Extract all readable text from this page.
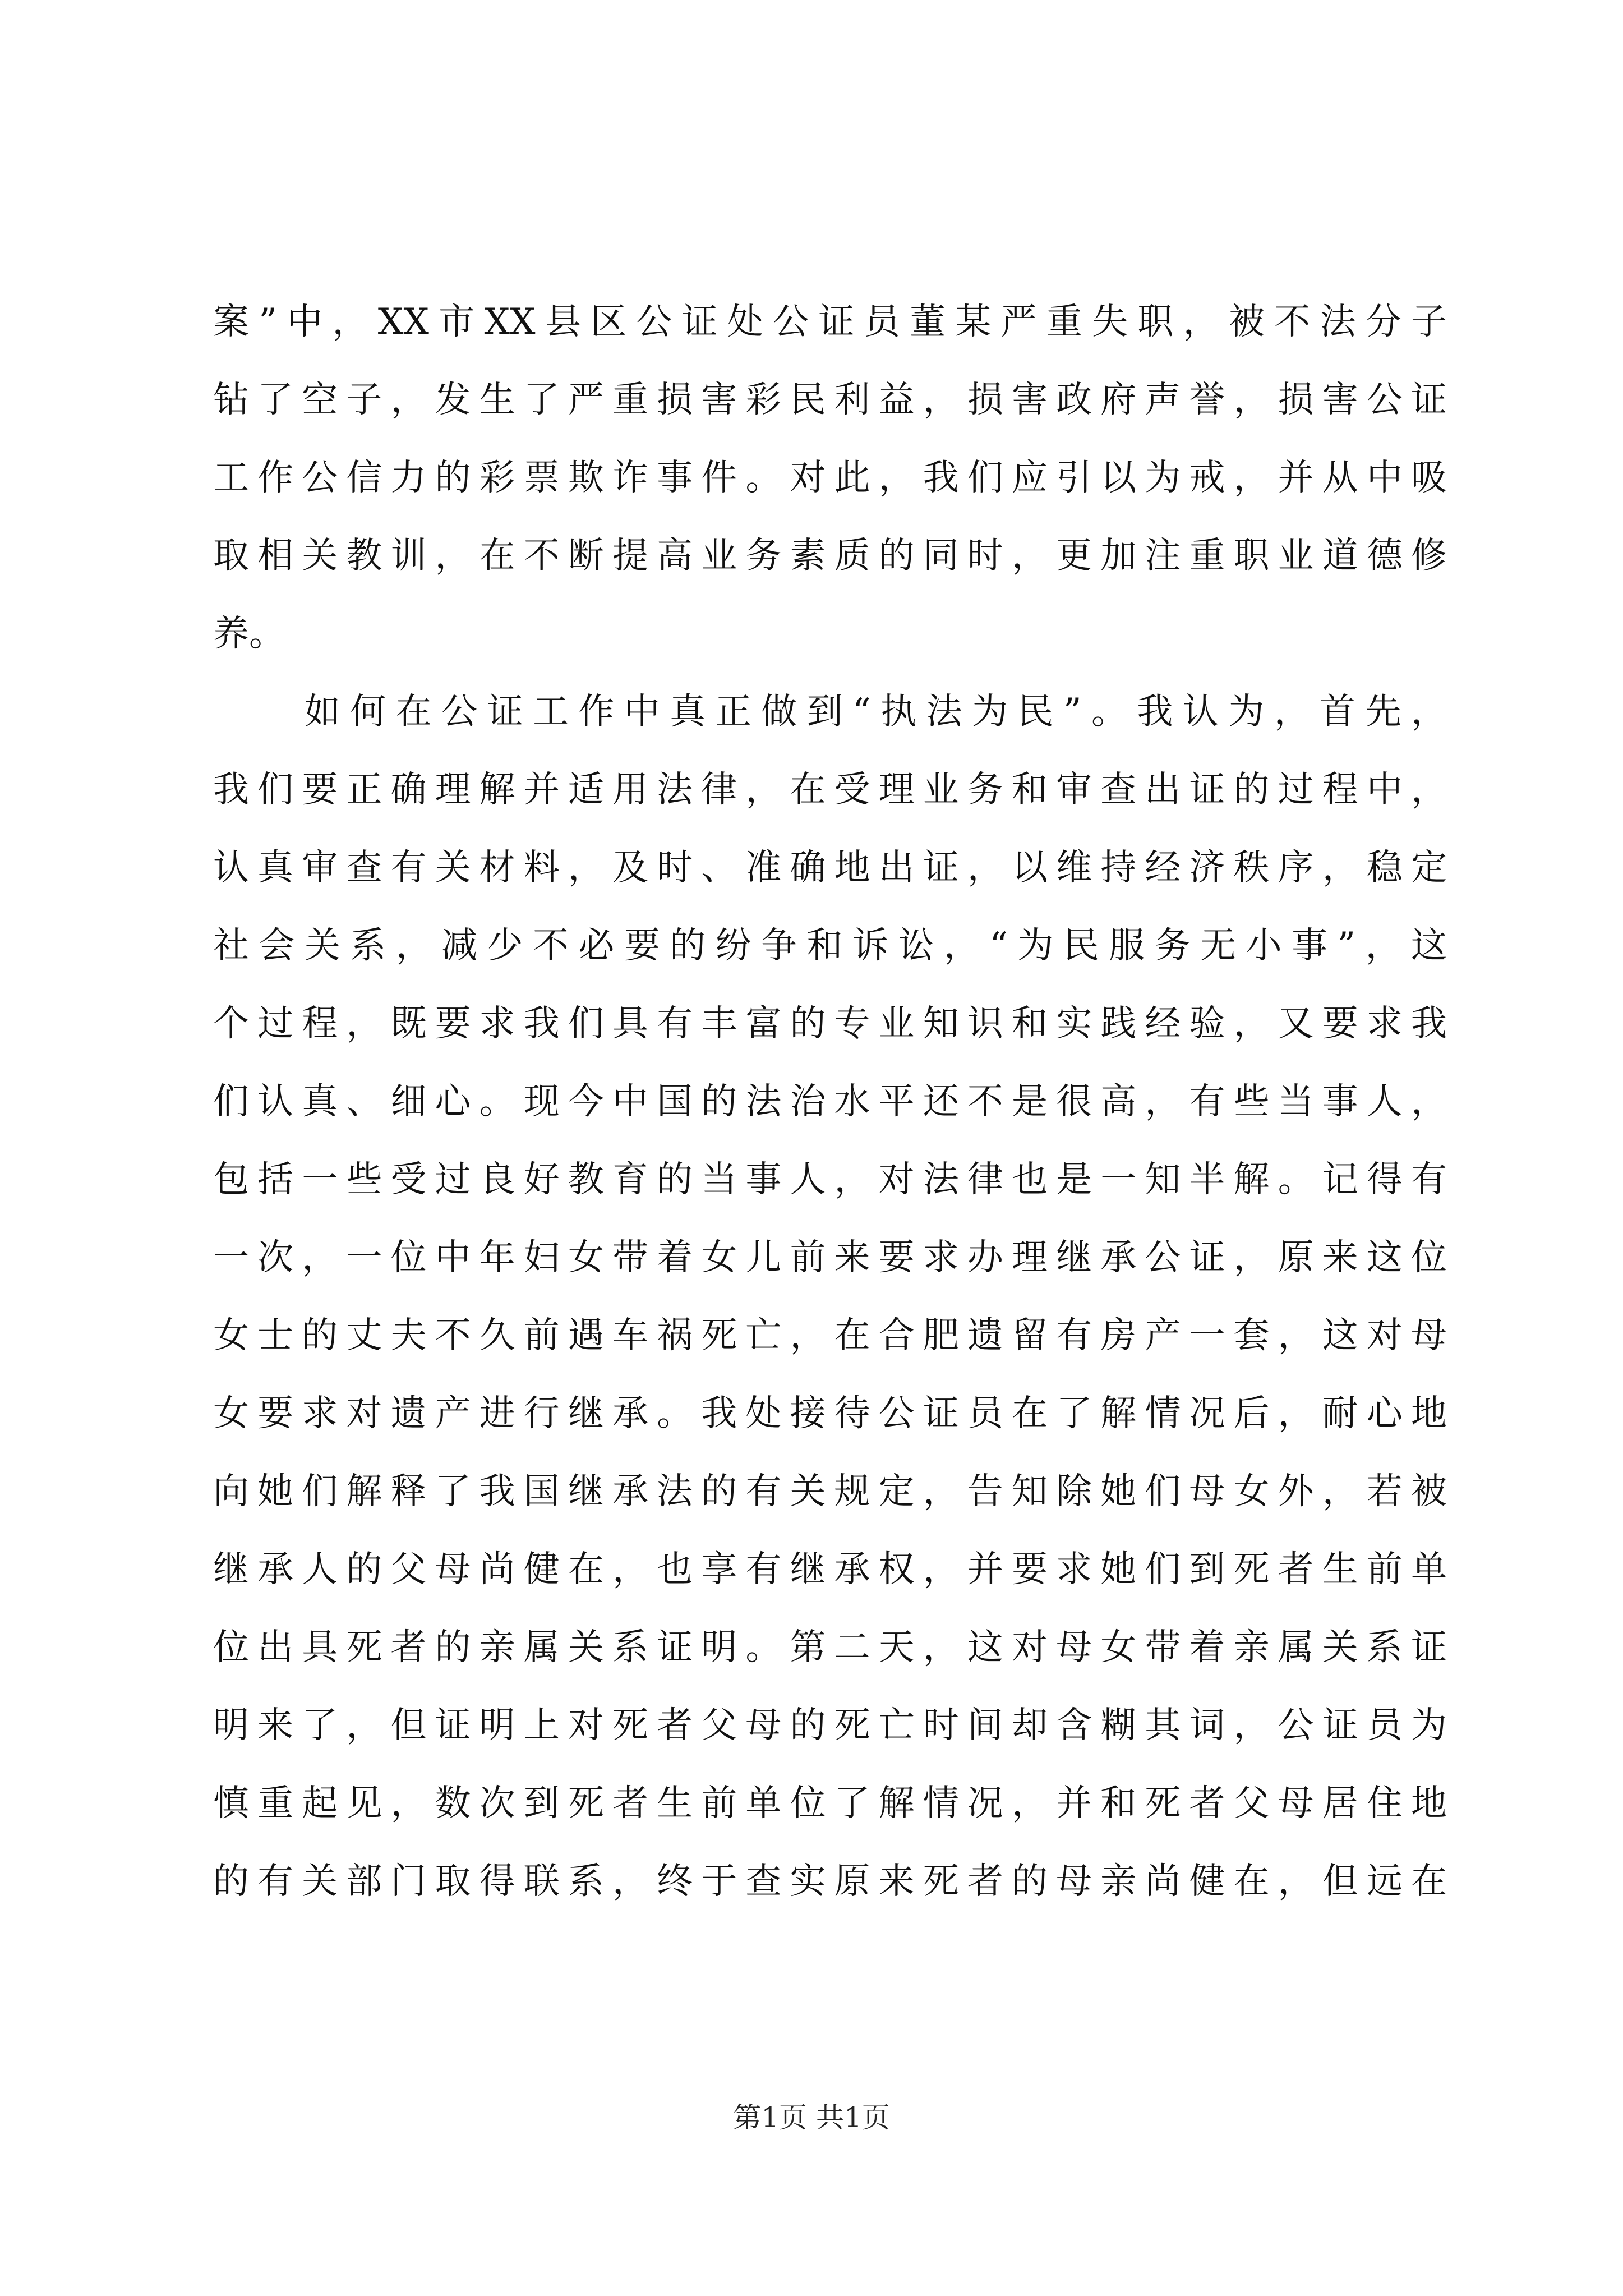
案”中，XX市XX县区公证处公证员董某严重失职，被不法分子
钻了空子，发生了严重损害彩民利益，损害政府声誉，损害公证
工作公信力的彩票欺诈事件。对此，我们应引以为戒，并从中吸
取相关教训，在不断提高业务素质的同时，更加注重职业道德修
养。
　　如何在公证工作中真正做到“执法为民”。我认为，首先，
我们要正确理解并适用法律，在受理业务和审查出证的过程中，
认真审查有关材料，及时、准确地出证，以维持经济秩序，稳定
社会关系，减少不必要的纷争和诉讼，“为民服务无小事”，这
个过程，既要求我们具有丰富的专业知识和实践经验，又要求我
们认真、细心。现今中国的法治水平还不是很高，有些当事人，
包括一些受过良好教育的当事人，对法律也是一知半解。记得有
一次，一位中年妇女带着女儿前来要求办理继承公证，原来这位
女士的丈夫不久前遇车祸死亡，在合肥遗留有房产一套，这对母
女要求对遗产进行继承。我处接待公证员在了解情况后，耐心地
向她们解释了我国继承法的有关规定，告知除她们母女外，若被
继承人的父母尚健在，也享有继承权，并要求她们到死者生前单
位出具死者的亲属关系证明。第二天，这对母女带着亲属关系证
明来了，但证明上对死者父母的死亡时间却含糊其词，公证员为
慎重起见，数次到死者生前单位了解情况，并和死者父母居住地
的有关部门取得联系，终于查实原来死者的母亲尚健在，但远在
第1页 共1页
